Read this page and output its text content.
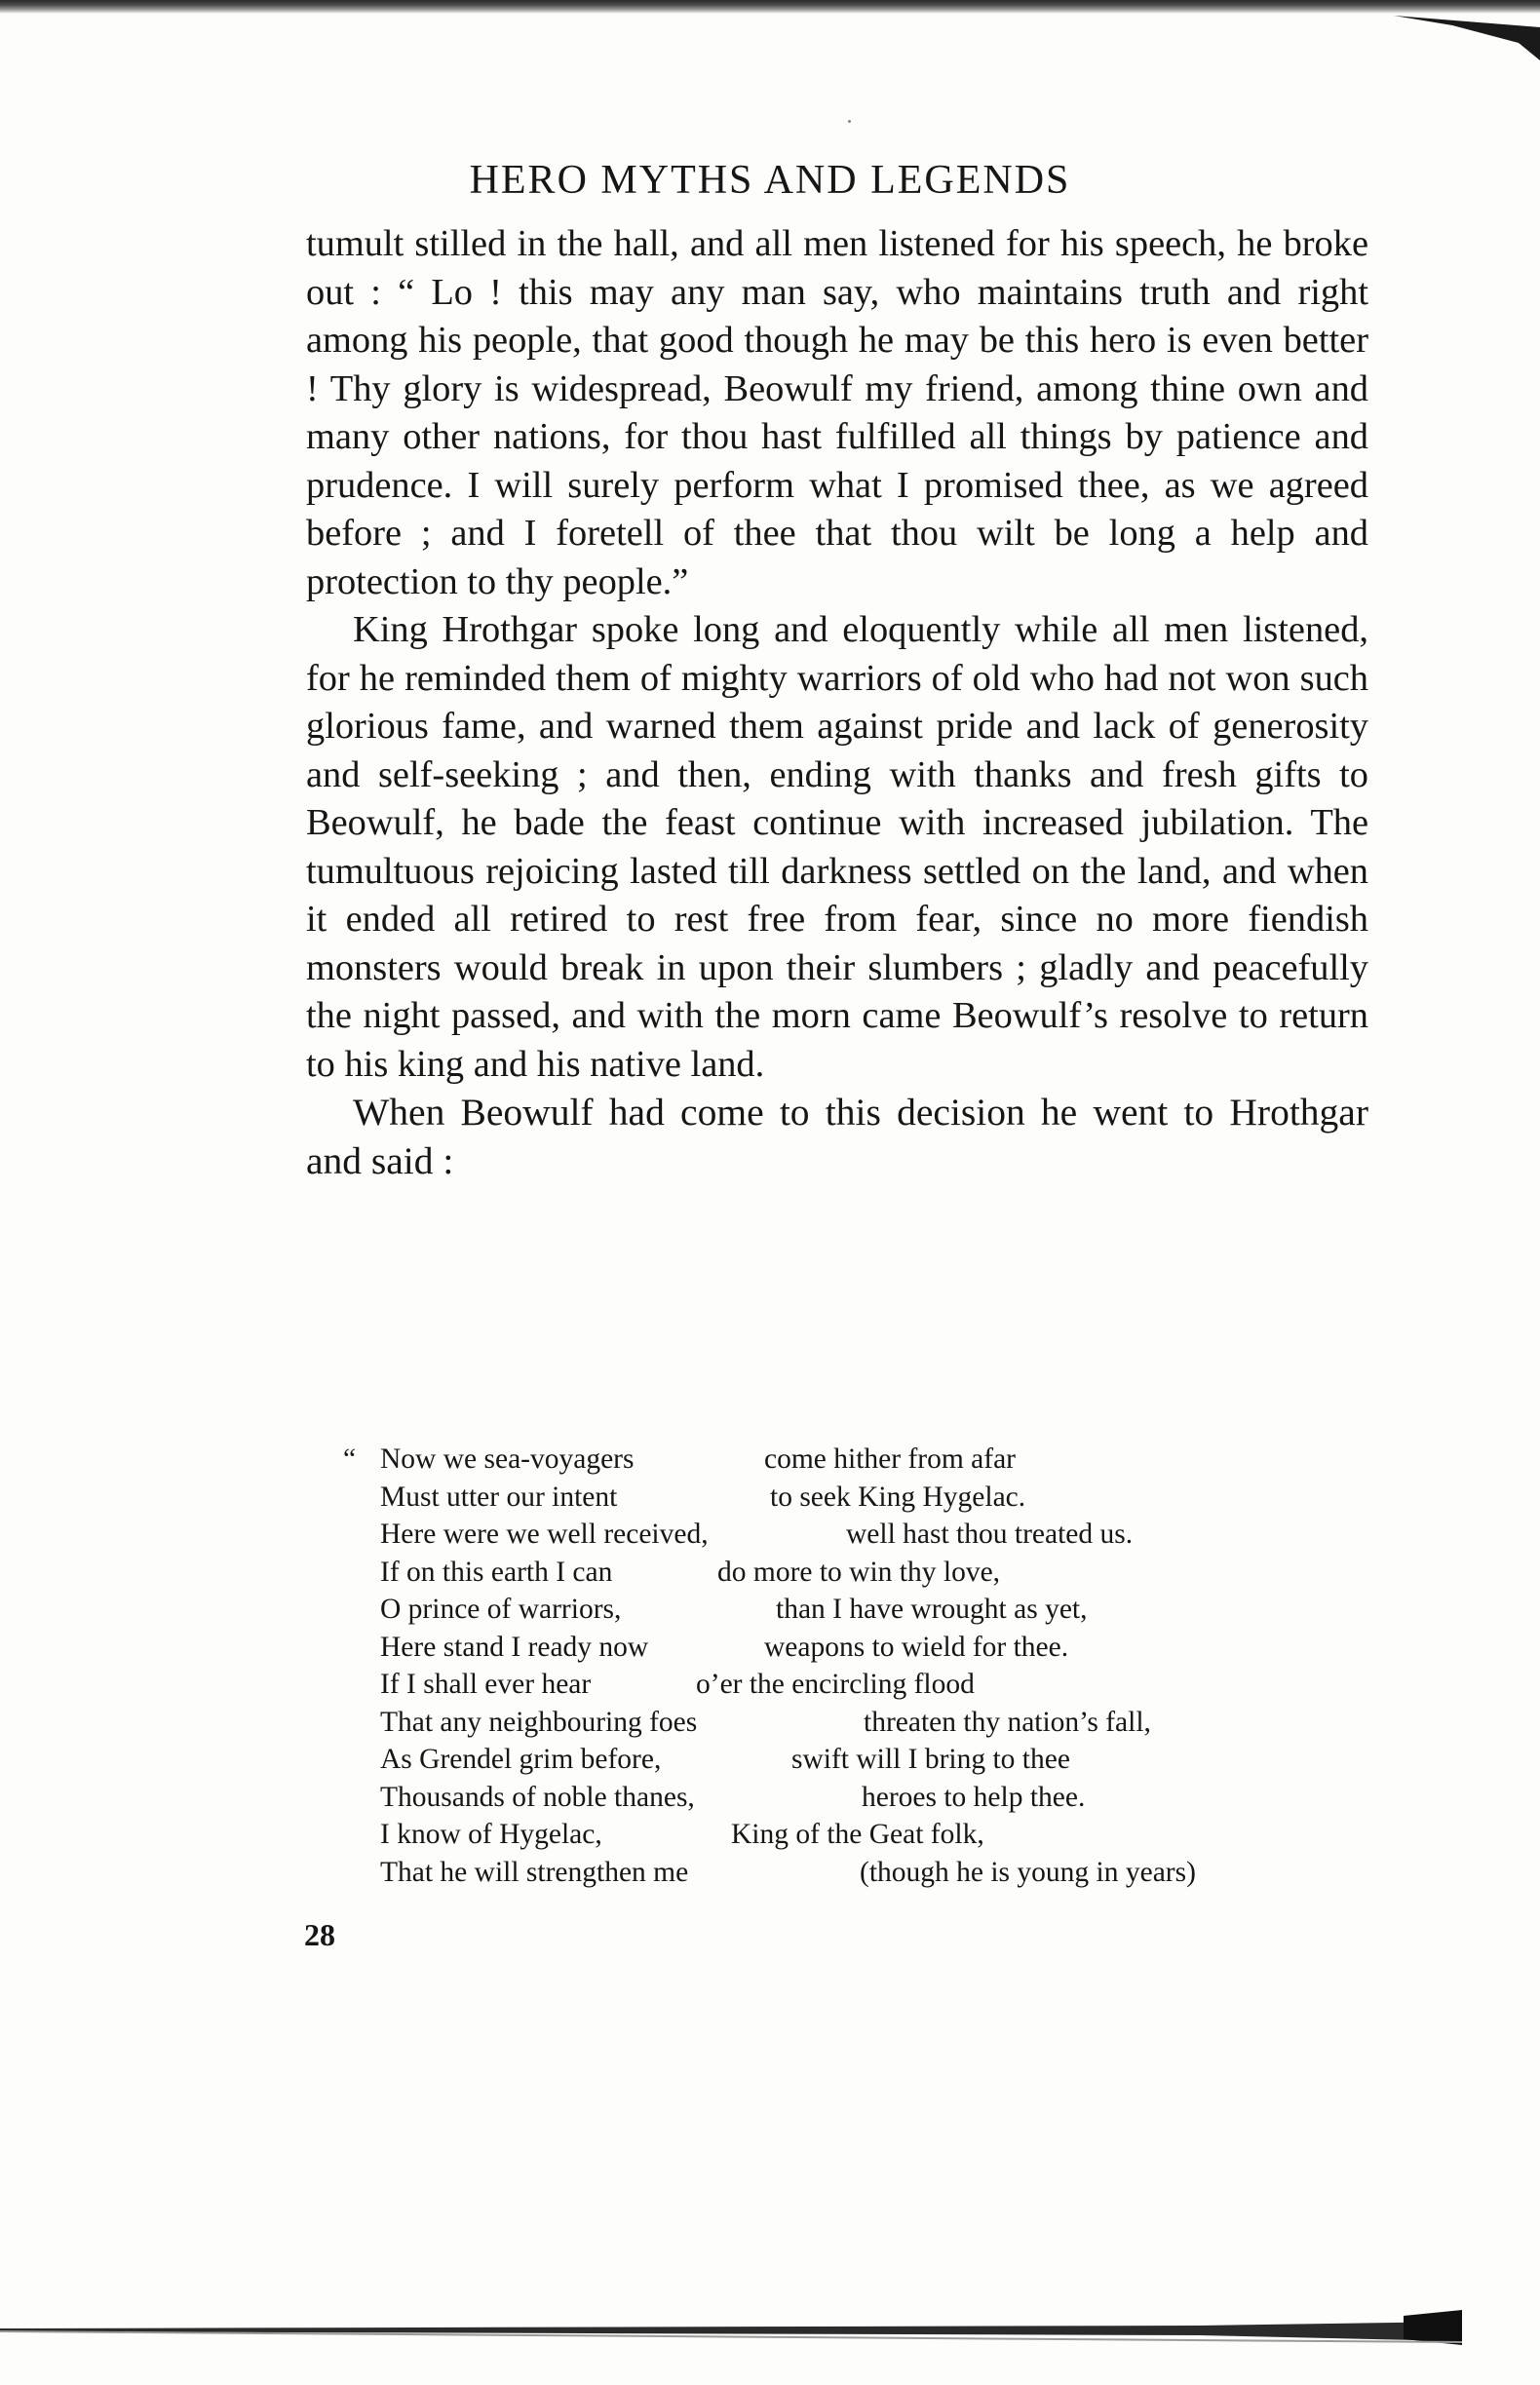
HERO MYTHS AND LEGENDS

tumult stilled in the hall, and all men listened for his speech, he broke out : “ Lo ! this may any man say, who maintains truth and right among his people, that good though he may be this hero is even better ! Thy glory is widespread, Beowulf my friend, among thine own and many other nations, for thou hast fulfilled all things by patience and prudence. I will surely perform what I promised thee, as we agreed before ; and I foretell of thee that thou wilt be long a help and protection to thy people.”

King Hrothgar spoke long and eloquently while all men listened, for he reminded them of mighty warriors of old who had not won such glorious fame, and warned them against pride and lack of generosity and self-seeking ; and then, ending with thanks and fresh gifts to Beowulf, he bade the feast continue with increased jubilation. The tumultuous rejoicing lasted till darkness settled on the land, and when it ended all retired to rest free from fear, since no more fiendish monsters would break in upon their slumbers ; gladly and peacefully the night passed, and with the morn came Beowulf’s resolve to return to his king and his native land.

When Beowulf had come to this decision he went to Hrothgar and said :

“ Now we sea-voyagers	come hither from afar
Must utter our intent	to seek King Hygelac.
Here were we well received,	well hast thou treated us.
If on this earth I can	do more to win thy love,
O prince of warriors,	than I have wrought as yet,
Here stand I ready now	weapons to wield for thee.
If I shall ever hear	o’er the encircling flood
That any neighbouring foes	threaten thy nation’s fall,
As Grendel grim before,	swift will I bring to thee
Thousands of noble thanes,	heroes to help thee.
I know of Hygelac,	King of the Geat folk,
That he will strengthen me	(though he is young in years)
28
